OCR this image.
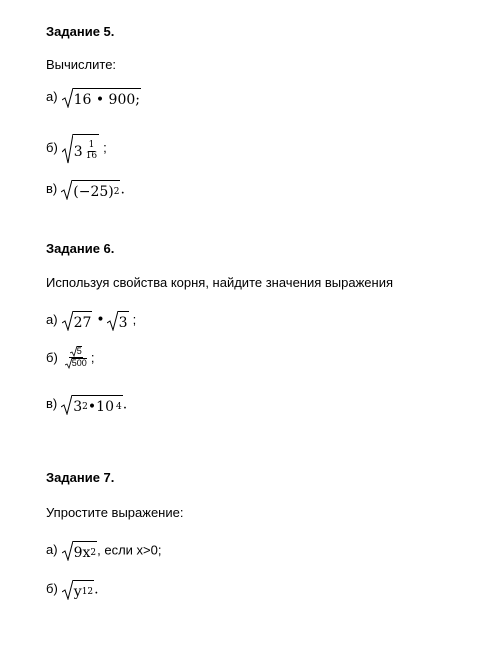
Задание 5.
Вычислите:
а) 16 • 900;
б) $3 \frac{1}{16}$ ;
в) (−25) 2 .
Задание 6.
Используя свойства корня, найдите значения выражения
а) 27 • 3 ;
$б) \frac{5}{500}$ ;
в) 3 2 • 10 4 .
Задание 7.
Упростите выражение:
а) 9x 2 , если x>0;
б) y 12 .
